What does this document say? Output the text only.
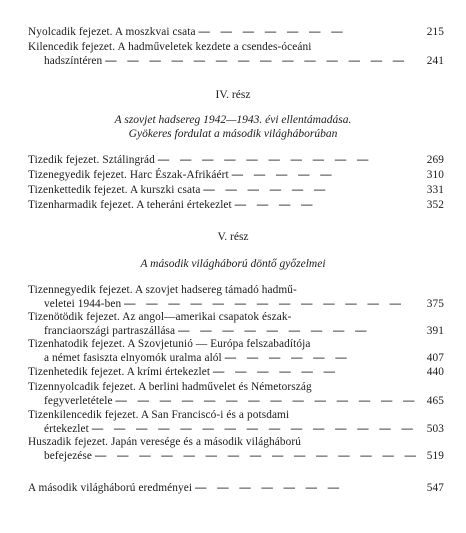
Nyolcadik fejezet. A moszkvai csata — — — — — — —	215
Kilencedik fejezet. A hadműveletek kezdete a csendes-óceáni
hadszíntéren — — — — — — — — — — — — — —	241
IV. rész
A szovjet hadsereg 1942—1943. évi ellentámadása.
Gyökeres fordulat a második világháborúban
Tizedik fejezet. Sztálingrád — — — — — — — — — —	269
Tizenegyedik fejezet. Harc Észak-Afrikáért — — — — —	310
Tizenkettedik fejezet. A kurszki csata — — — — — —	331
Tizenharmadik fejezet. A teheráni értekezlet — — — —	352
V. rész
A második világháború döntő győzelmei
Tizennegyedik fejezet. A szovjet hadsereg támadó hadmű-
veletei 1944-ben — — — — — — — — — — — — —	375
Tizenötödik fejezet. Az angol—amerikai csapatok észak-
franciaországi partraszállása — — — — — — — — —	391
Tizenhatodik fejezet. A Szovjetunió — Európa felszabadítója
a német fasiszta elnyomók uralma alól — — — — — —	407
Tizenhetedik fejezet. A krími értekezlet — — — — — —	440
Tizennyolcadik fejezet. A berlini hadművelet és Németország
fegyverletétele — — — — — — — — — — — — — — 465
Tizenkilencedik fejezet. A San Franciscó-i és a potsdami
értekezlet — — — — — — — — — — — — — — — 503
Huszadik fejezet. Japán veresége és a második világháború
befejezése — — — — — — — — — — — — — — — 519
A második világháború eredményei — — — — — — —	547
